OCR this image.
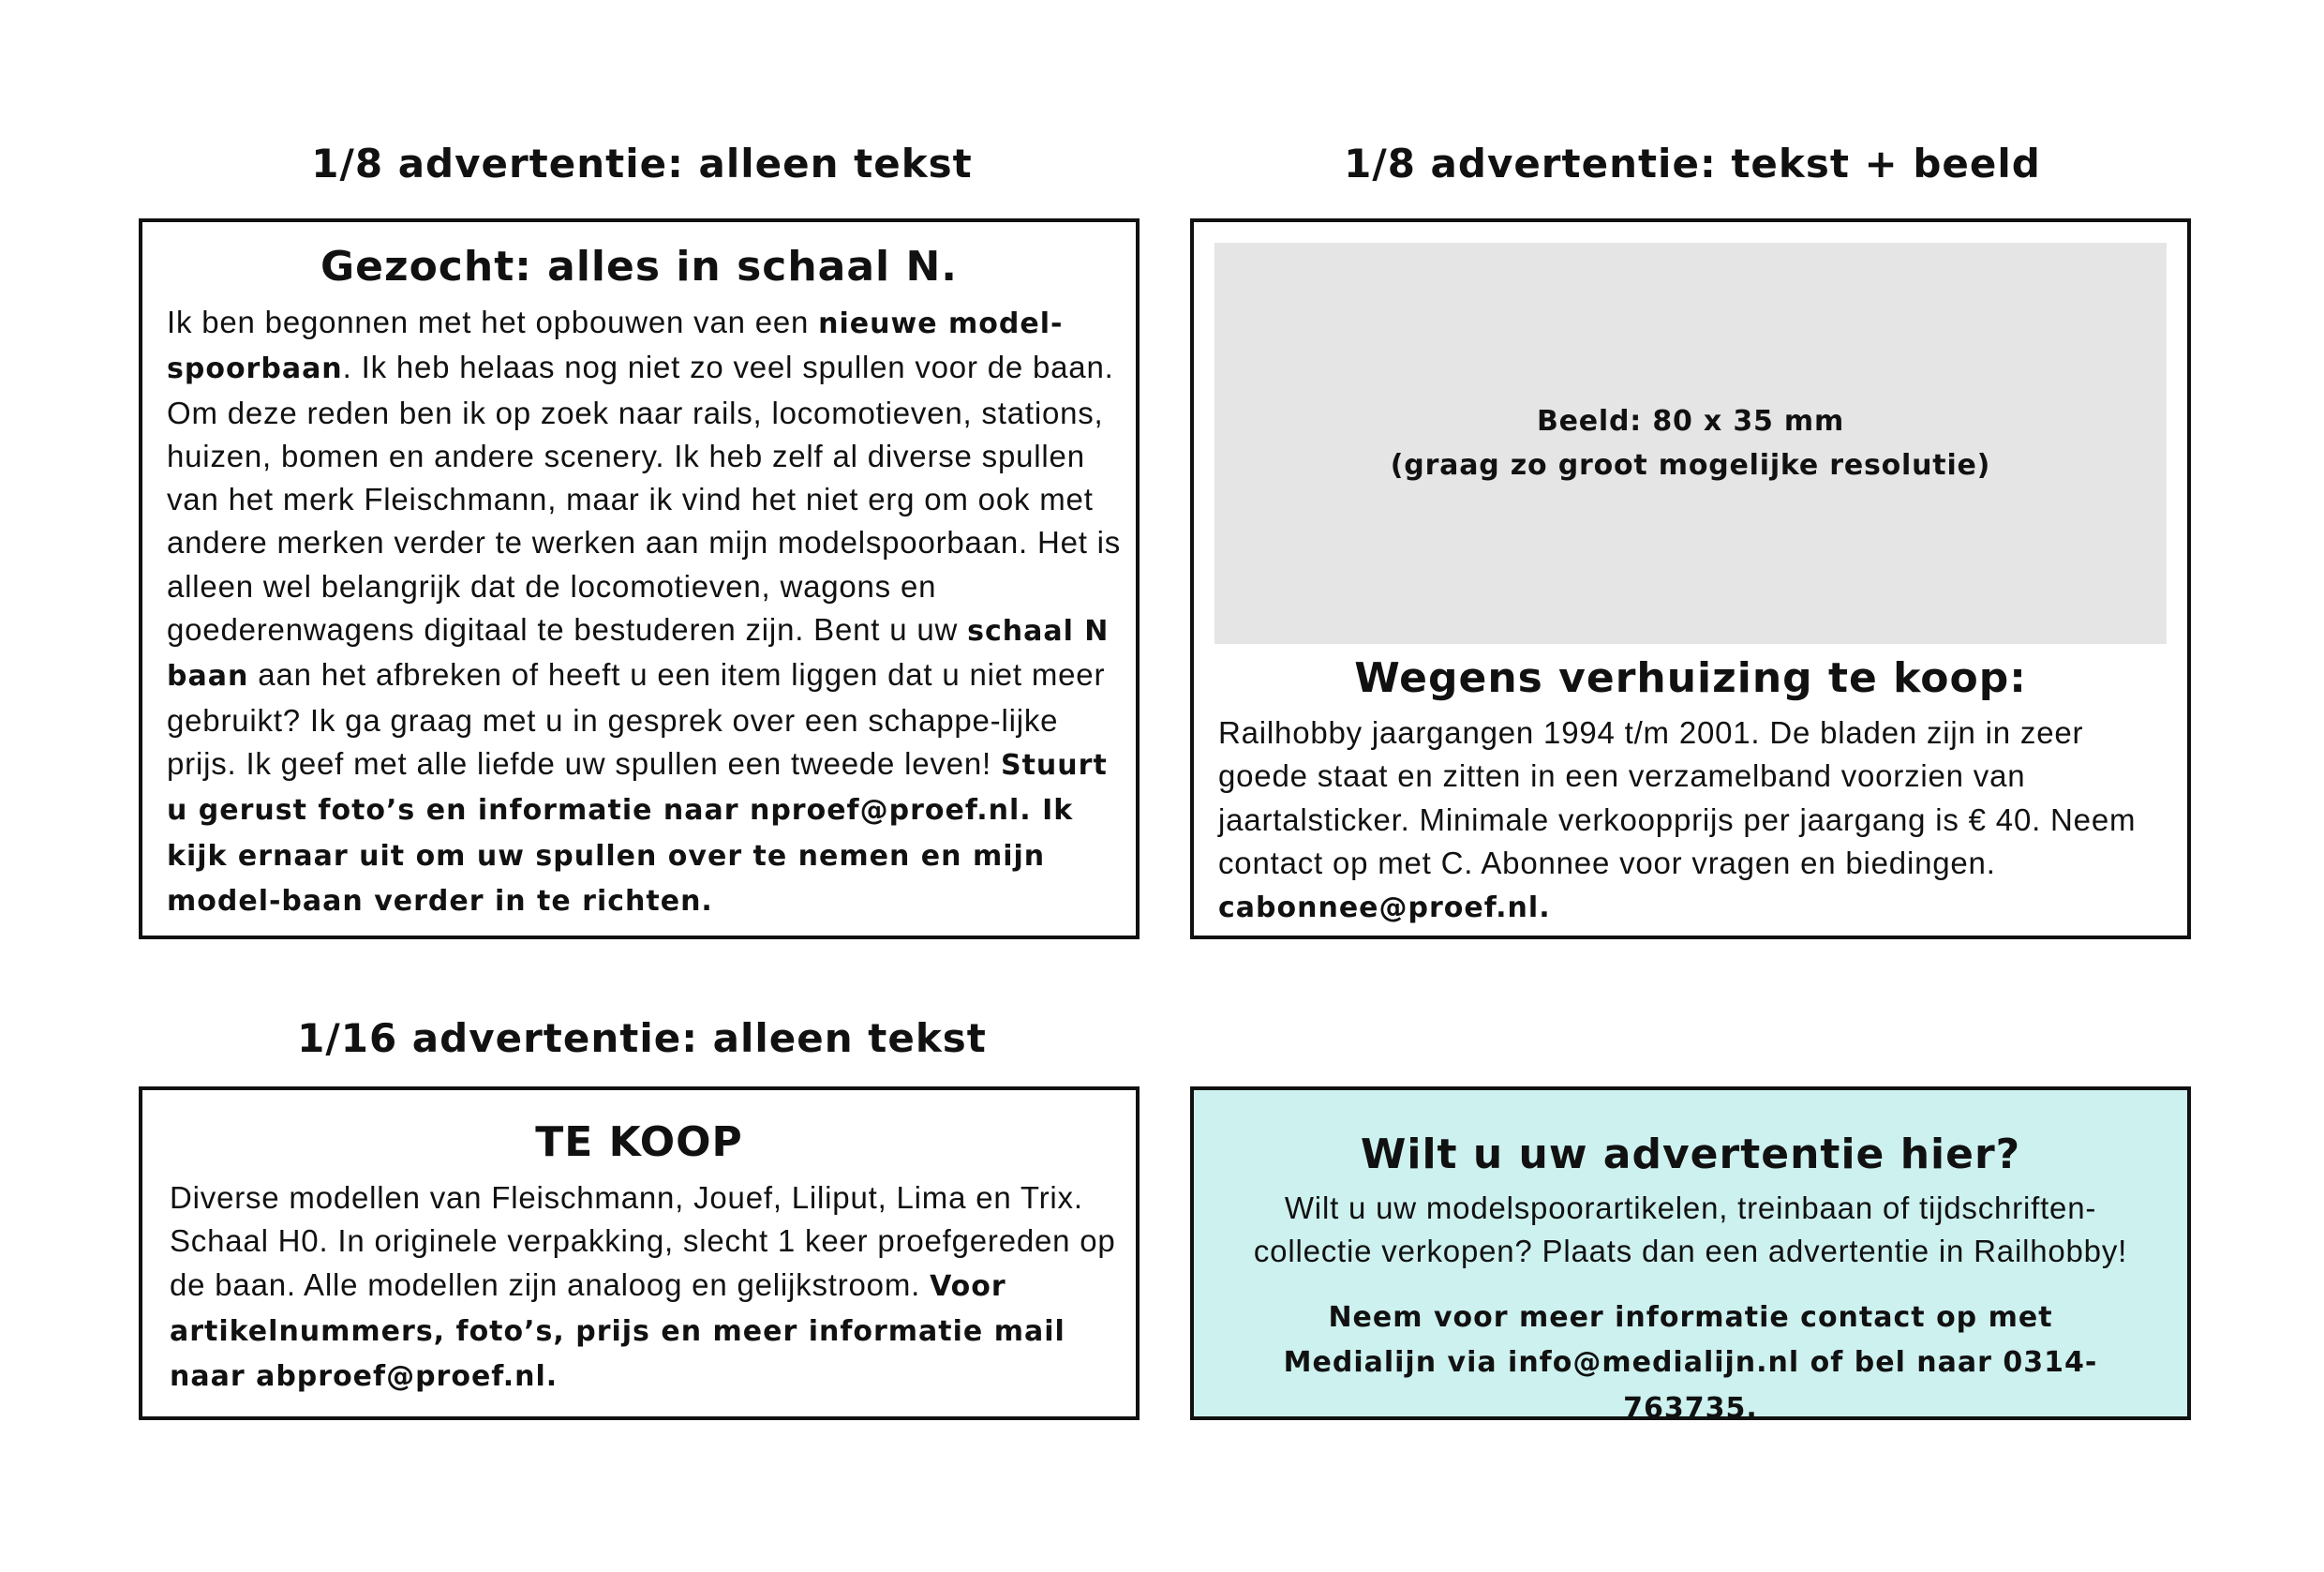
1/8 advertentie: alleen tekst
Gezocht: alles in schaal N.
Ik ben begonnen met het opbouwen van een nieuwe model-spoorbaan. Ik heb helaas nog niet zo veel spullen voor de baan. Om deze reden ben ik op zoek naar rails, locomotieven, stations, huizen, bomen en andere scenery. Ik heb zelf al diverse spullen van het merk Fleischmann, maar ik vind het niet erg om ook met andere merken verder te werken aan mijn modelspoorbaan. Het is alleen wel belangrijk dat de locomotieven, wagons en goederenwagens digitaal te bestuderen zijn. Bent u uw schaal N baan aan het afbreken of heeft u een item liggen dat u niet meer gebruikt? Ik ga graag met u in gesprek over een schappe-lijke prijs. Ik geef met alle liefde uw spullen een tweede leven! Stuurt u gerust foto’s en informatie naar nproef@proef.nl. Ik kijk ernaar uit om uw spullen over te nemen en mijn model-baan verder in te richten.
1/8 advertentie: tekst + beeld
Beeld: 80 x 35 mm
(graag zo groot mogelijke resolutie)
Wegens verhuizing te koop:
Railhobby jaargangen 1994 t/m 2001. De bladen zijn in zeer goede staat en zitten in een verzamelband voorzien van jaartalsticker. Minimale verkoopprijs per jaargang is € 40. Neem contact op met C. Abonnee voor vragen en biedingen. cabonnee@proef.nl.
1/16 advertentie: alleen tekst
TE KOOP
Diverse modellen van Fleischmann, Jouef, Liliput, Lima en Trix. Schaal H0. In originele verpakking, slecht 1 keer proefgereden op de baan. Alle modellen zijn analoog en gelijkstroom. Voor artikelnummers, foto’s, prijs en meer informatie mail naar abproef@proef.nl.
Wilt u uw advertentie hier?
Wilt u uw modelspoorartikelen, treinbaan of tijdschriften-collectie verkopen? Plaats dan een advertentie in Railhobby!
Neem voor meer informatie contact op met Medialijn via info@medialijn.nl of bel naar 0314-763735.
